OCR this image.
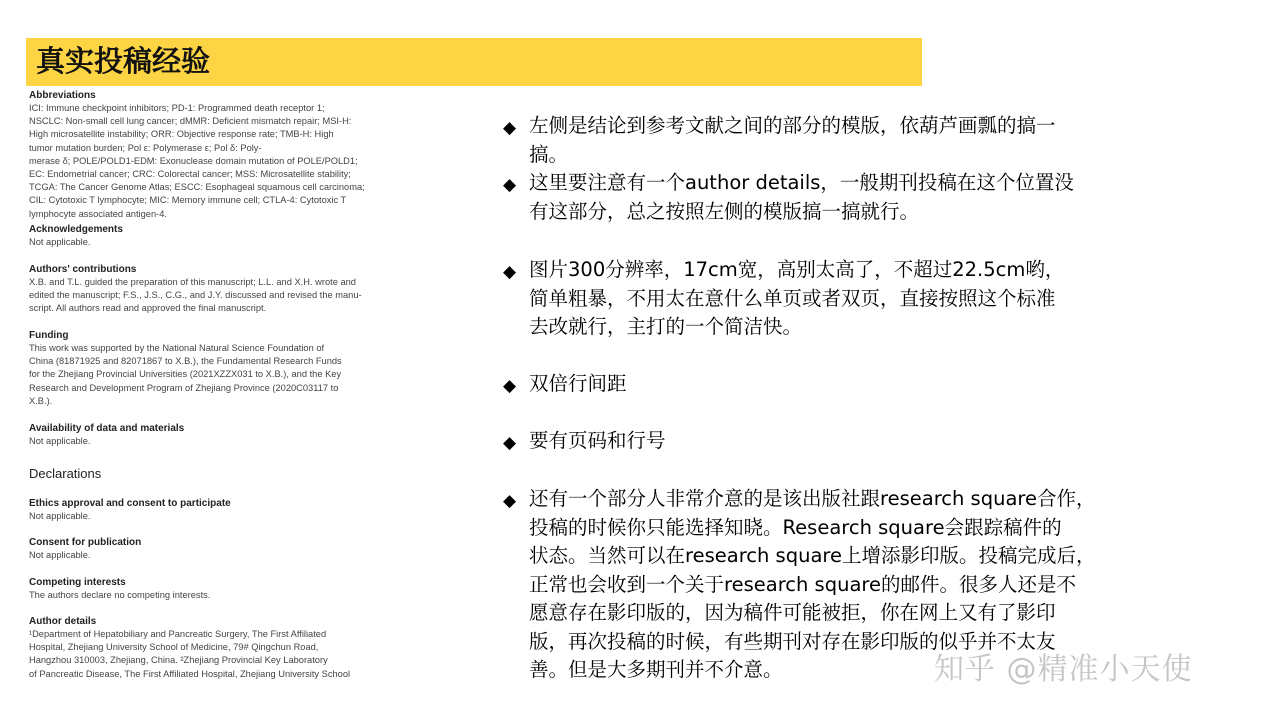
真实投稿经验
Abbreviations
ICI: Immune checkpoint inhibitors; PD-1: Programmed death receptor 1;
NSCLC: Non-small cell lung cancer; dMMR: Deficient mismatch repair; MSI-H:
High microsatellite instability; ORR: Objective response rate; TMB-H: High
tumor mutation burden; Pol ε: Polymerase ε; Pol δ: Poly-
merase δ; POLE/POLD1-EDM: Exonuclease domain mutation of POLE/POLD1;
EC: Endometrial cancer; CRC: Colorectal cancer; MSS: Microsatellite stability;
TCGA: The Cancer Genome Atlas; ESCC: Esophageal squamous cell carcinoma;
CIL: Cytotoxic T lymphocyte; MIC: Memory immune cell; CTLA-4: Cytotoxic T
lymphocyte associated antigen-4.
Acknowledgements
Not applicable.
Authors' contributions
X.B. and T.L. guided the preparation of this manuscript; L.L. and X.H. wrote and
edited the manuscript; F.S., J.S., C.G., and J.Y. discussed and revised the manu-
script. All authors read and approved the final manuscript.
Funding
This work was supported by the National Natural Science Foundation of
China (81871925 and 82071867 to X.B.), the Fundamental Research Funds
for the Zhejiang Provincial Universities (2021XZZX031 to X.B.), and the Key
Research and Development Program of Zhejiang Province (2020C03117 to
X.B.).
Availability of data and materials
Not applicable.
Declarations
Ethics approval and consent to participate
Not applicable.
Consent for publication
Not applicable.
Competing interests
The authors declare no competing interests.
Author details
¹Department of Hepatobiliary and Pancreatic Surgery, The First Affiliated
Hospital, Zhejiang University School of Medicine, 79# Qingchun Road,
Hangzhou 310003, Zhejiang, China. ²Zhejiang Provincial Key Laboratory
of Pancreatic Disease, The First Affiliated Hospital, Zhejiang University School
◆ 左侧是结论到参考文献之间的部分的模版，依葫芦画瓢的搞一
搞。
◆ 这里要注意有一个author details，一般期刊投稿在这个位置没
有这部分，总之按照左侧的模版搞一搞就行。
◆ 图片300分辨率，17cm宽，高别太高了，不超过22.5cm哟，
简单粗暴，不用太在意什么单页或者双页，直接按照这个标准
去改就行，主打的一个简洁快。
◆ 双倍行间距
◆ 要有页码和行号
◆ 还有一个部分人非常介意的是该出版社跟research square合作，
投稿的时候你只能选择知晓。Research square会跟踪稿件的
状态。当然可以在research square上增添影印版。投稿完成后，
正常也会收到一个关于research square的邮件。很多人还是不
愿意存在影印版的，因为稿件可能被拒，你在网上又有了影印
版，再次投稿的时候，有些期刊对存在影印版的似乎并不太友
善。但是大多期刊并不介意。	知乎 @精准小天使
